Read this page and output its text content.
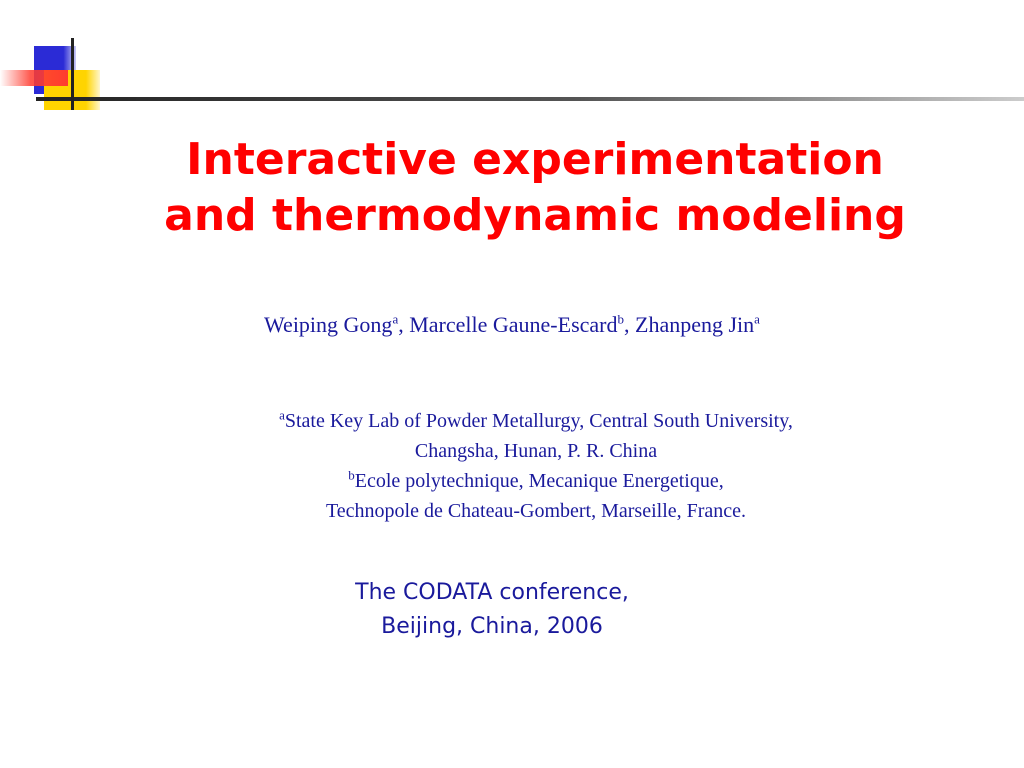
Interactive experimentation
and thermodynamic modeling
Weiping Gong$^a$, Marcelle Gaune-Escard$^b$, Zhanpeng Jin$^a$
$^a$State Key Lab of Powder Metallurgy, Central South University,
Changsha, Hunan, P. R. China
$^b$Ecole polytechnique, Mecanique Energetique,
Technopole de Chateau-Gombert, Marseille, France.
The CODATA conference,
Beijing, China, 2006
